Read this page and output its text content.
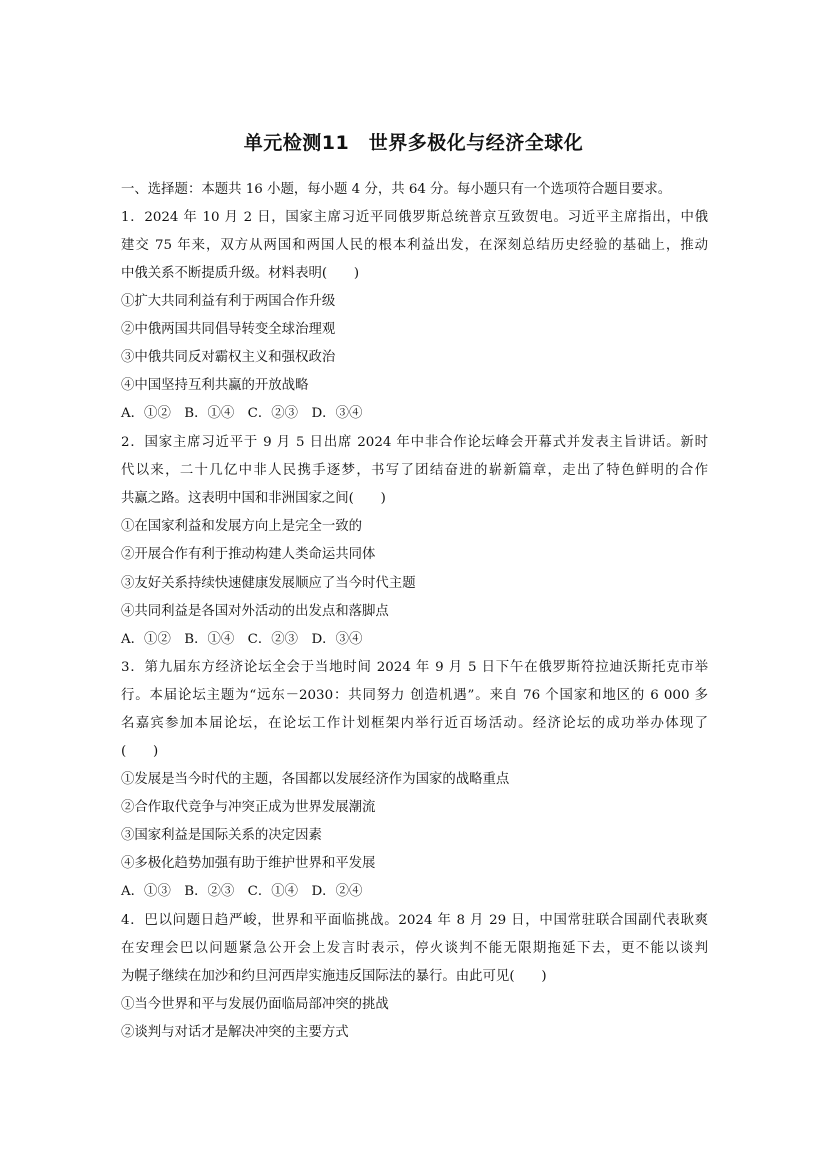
单元检测11　世界多极化与经济全球化
一、选择题：本题共 16 小题，每小题 4 分，共 64 分。每小题只有一个选项符合题目要求。
1．2024 年 10 月 2 日，国家主席习近平同俄罗斯总统普京互致贺电。习近平主席指出，中俄
建交 75 年来，双方从两国和两国人民的根本利益出发，在深刻总结历史经验的基础上，推动
中俄关系不断提质升级。材料表明(　　)
①扩大共同利益有利于两国合作升级
②中俄两国共同倡导转变全球治理观
③中俄共同反对霸权主义和强权政治
④中国坚持互利共赢的开放战略
A．①②　B．①④　C．②③　D．③④
2．国家主席习近平于 9 月 5 日出席 2024 年中非合作论坛峰会开幕式并发表主旨讲话。新时
代以来，二十几亿中非人民携手逐梦，书写了团结奋进的崭新篇章，走出了特色鲜明的合作
共赢之路。这表明中国和非洲国家之间(　　)
①在国家利益和发展方向上是完全一致的
②开展合作有利于推动构建人类命运共同体
③友好关系持续快速健康发展顺应了当今时代主题
④共同利益是各国对外活动的出发点和落脚点
A．①②　B．①④　C．②③　D．③④
3．第九届东方经济论坛全会于当地时间 2024 年 9 月 5 日下午在俄罗斯符拉迪沃斯托克市举
行。本届论坛主题为“远东－2030：共同努力 创造机遇”。来自 76 个国家和地区的 6 000 多
名嘉宾参加本届论坛，在论坛工作计划框架内举行近百场活动。经济论坛的成功举办体现了
(　　)
①发展是当今时代的主题，各国都以发展经济作为国家的战略重点
②合作取代竞争与冲突正成为世界发展潮流
③国家利益是国际关系的决定因素
④多极化趋势加强有助于维护世界和平发展
A．①③　B．②③　C．①④　D．②④
4．巴以问题日趋严峻，世界和平面临挑战。2024 年 8 月 29 日，中国常驻联合国副代表耿爽
在安理会巴以问题紧急公开会上发言时表示，停火谈判不能无限期拖延下去，更不能以谈判
为幌子继续在加沙和约旦河西岸实施违反国际法的暴行。由此可见(　　)
①当今世界和平与发展仍面临局部冲突的挑战
②谈判与对话才是解决冲突的主要方式
